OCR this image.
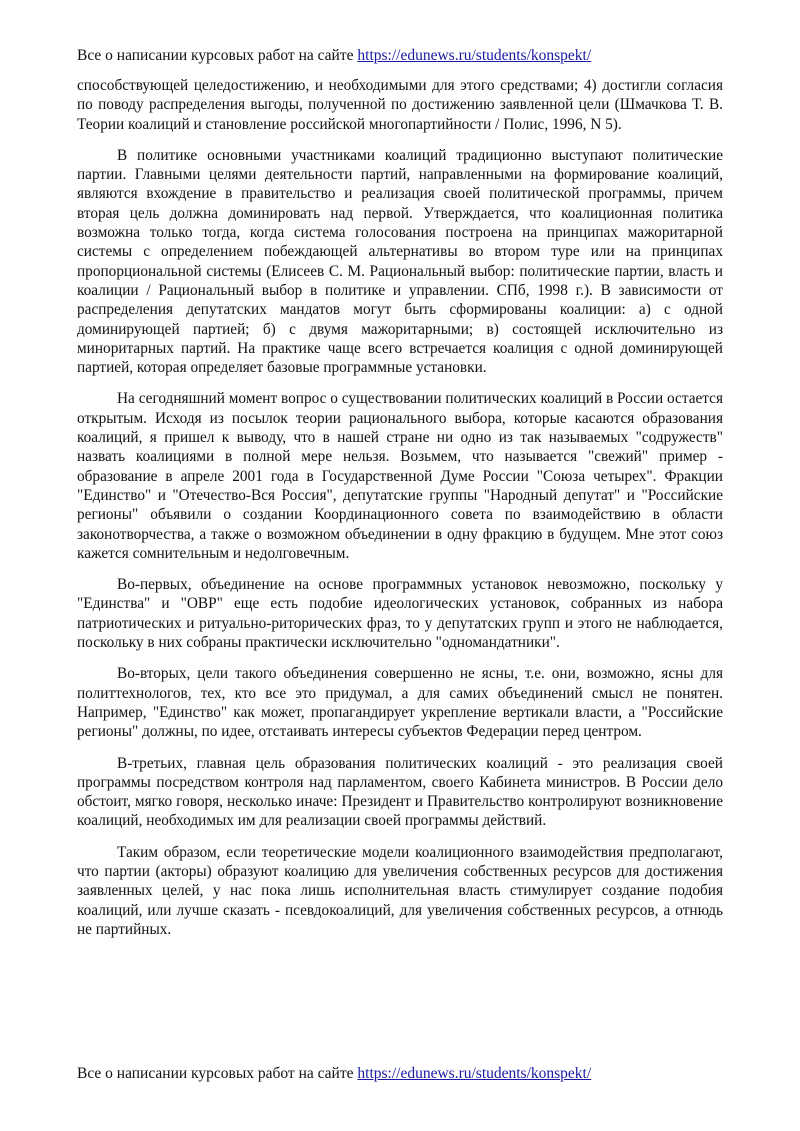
Все о написании курсовых работ на сайте https://edunews.ru/students/konspekt/

способствующей целедостижению, и необходимыми для этого средствами; 4) достигли согласия по поводу распределения выгоды, полученной по достижению заявленной цели (Шмачкова Т. В. Теории коалиций и становление российской многопартийности / Полис, 1996, N 5).

В политике основными участниками коалиций традиционно выступают политические партии. Главными целями деятельности партий, направленными на формирование коалиций, являются вхождение в правительство и реализация своей политической программы, причем вторая цель должна доминировать над первой. Утверждается, что коалиционная политика возможна только тогда, когда система голосования построена на принципах мажоритарной системы с определением побеждающей альтернативы во втором туре или на принципах пропорциональной системы (Елисеев С. М. Рациональный выбор: политические партии, власть и коалиции / Рациональный выбор в политике и управлении. СПб, 1998 г.). В зависимости от распределения депутатских мандатов могут быть сформированы коалиции: а) с одной доминирующей партией; б) с двумя мажоритарными; в) состоящей исключительно из миноритарных партий. На практике чаще всего встречается коалиция с одной доминирующей партией, которая определяет базовые программные установки.

На сегодняшний момент вопрос о существовании политических коалиций в России остается открытым. Исходя из посылок теории рационального выбора, которые касаются образования коалиций, я пришел к выводу, что в нашей стране ни одно из так называемых "содружеств" назвать коалициями в полной мере нельзя. Возьмем, что называется "свежий" пример - образование в апреле 2001 года в Государственной Думе России "Союза четырех". Фракции "Единство" и "Отечество-Вся Россия", депутатские группы "Народный депутат" и "Российские регионы" объявили о создании Координационного совета по взаимодействию в области законотворчества, а также о возможном объединении в одну фракцию в будущем. Мне этот союз кажется сомнительным и недолговечным.

Во-первых, объединение на основе программных установок невозможно, поскольку у "Единства" и "ОВР" еще есть подобие идеологических установок, собранных из набора патриотических и ритуально-риторических фраз, то у депутатских групп и этого не наблюдается, поскольку в них собраны практически исключительно "одномандатники".

Во-вторых, цели такого объединения совершенно не ясны, т.е. они, возможно, ясны для политтехнологов, тех, кто все это придумал, а для самих объединений смысл не понятен. Например, "Единство" как может, пропагандирует укрепление вертикали власти, а "Российские регионы" должны, по идее, отстаивать интересы субъектов Федерации перед центром.

В-третьих, главная цель образования политических коалиций - это реализация своей программы посредством контроля над парламентом, своего Кабинета министров. В России дело обстоит, мягко говоря, несколько иначе: Президент и Правительство контролируют возникновение коалиций, необходимых им для реализации своей программы действий.

Таким образом, если теоретические модели коалиционного взаимодействия предполагают, что партии (акторы) образуют коалицию для увеличения собственных ресурсов для достижения заявленных целей, у нас пока лишь исполнительная власть стимулирует создание подобия коалиций, или лучше сказать - псевдокоалиций, для увеличения собственных ресурсов, а отнюдь не партийных.

Все о написании курсовых работ на сайте https://edunews.ru/students/konspekt/
